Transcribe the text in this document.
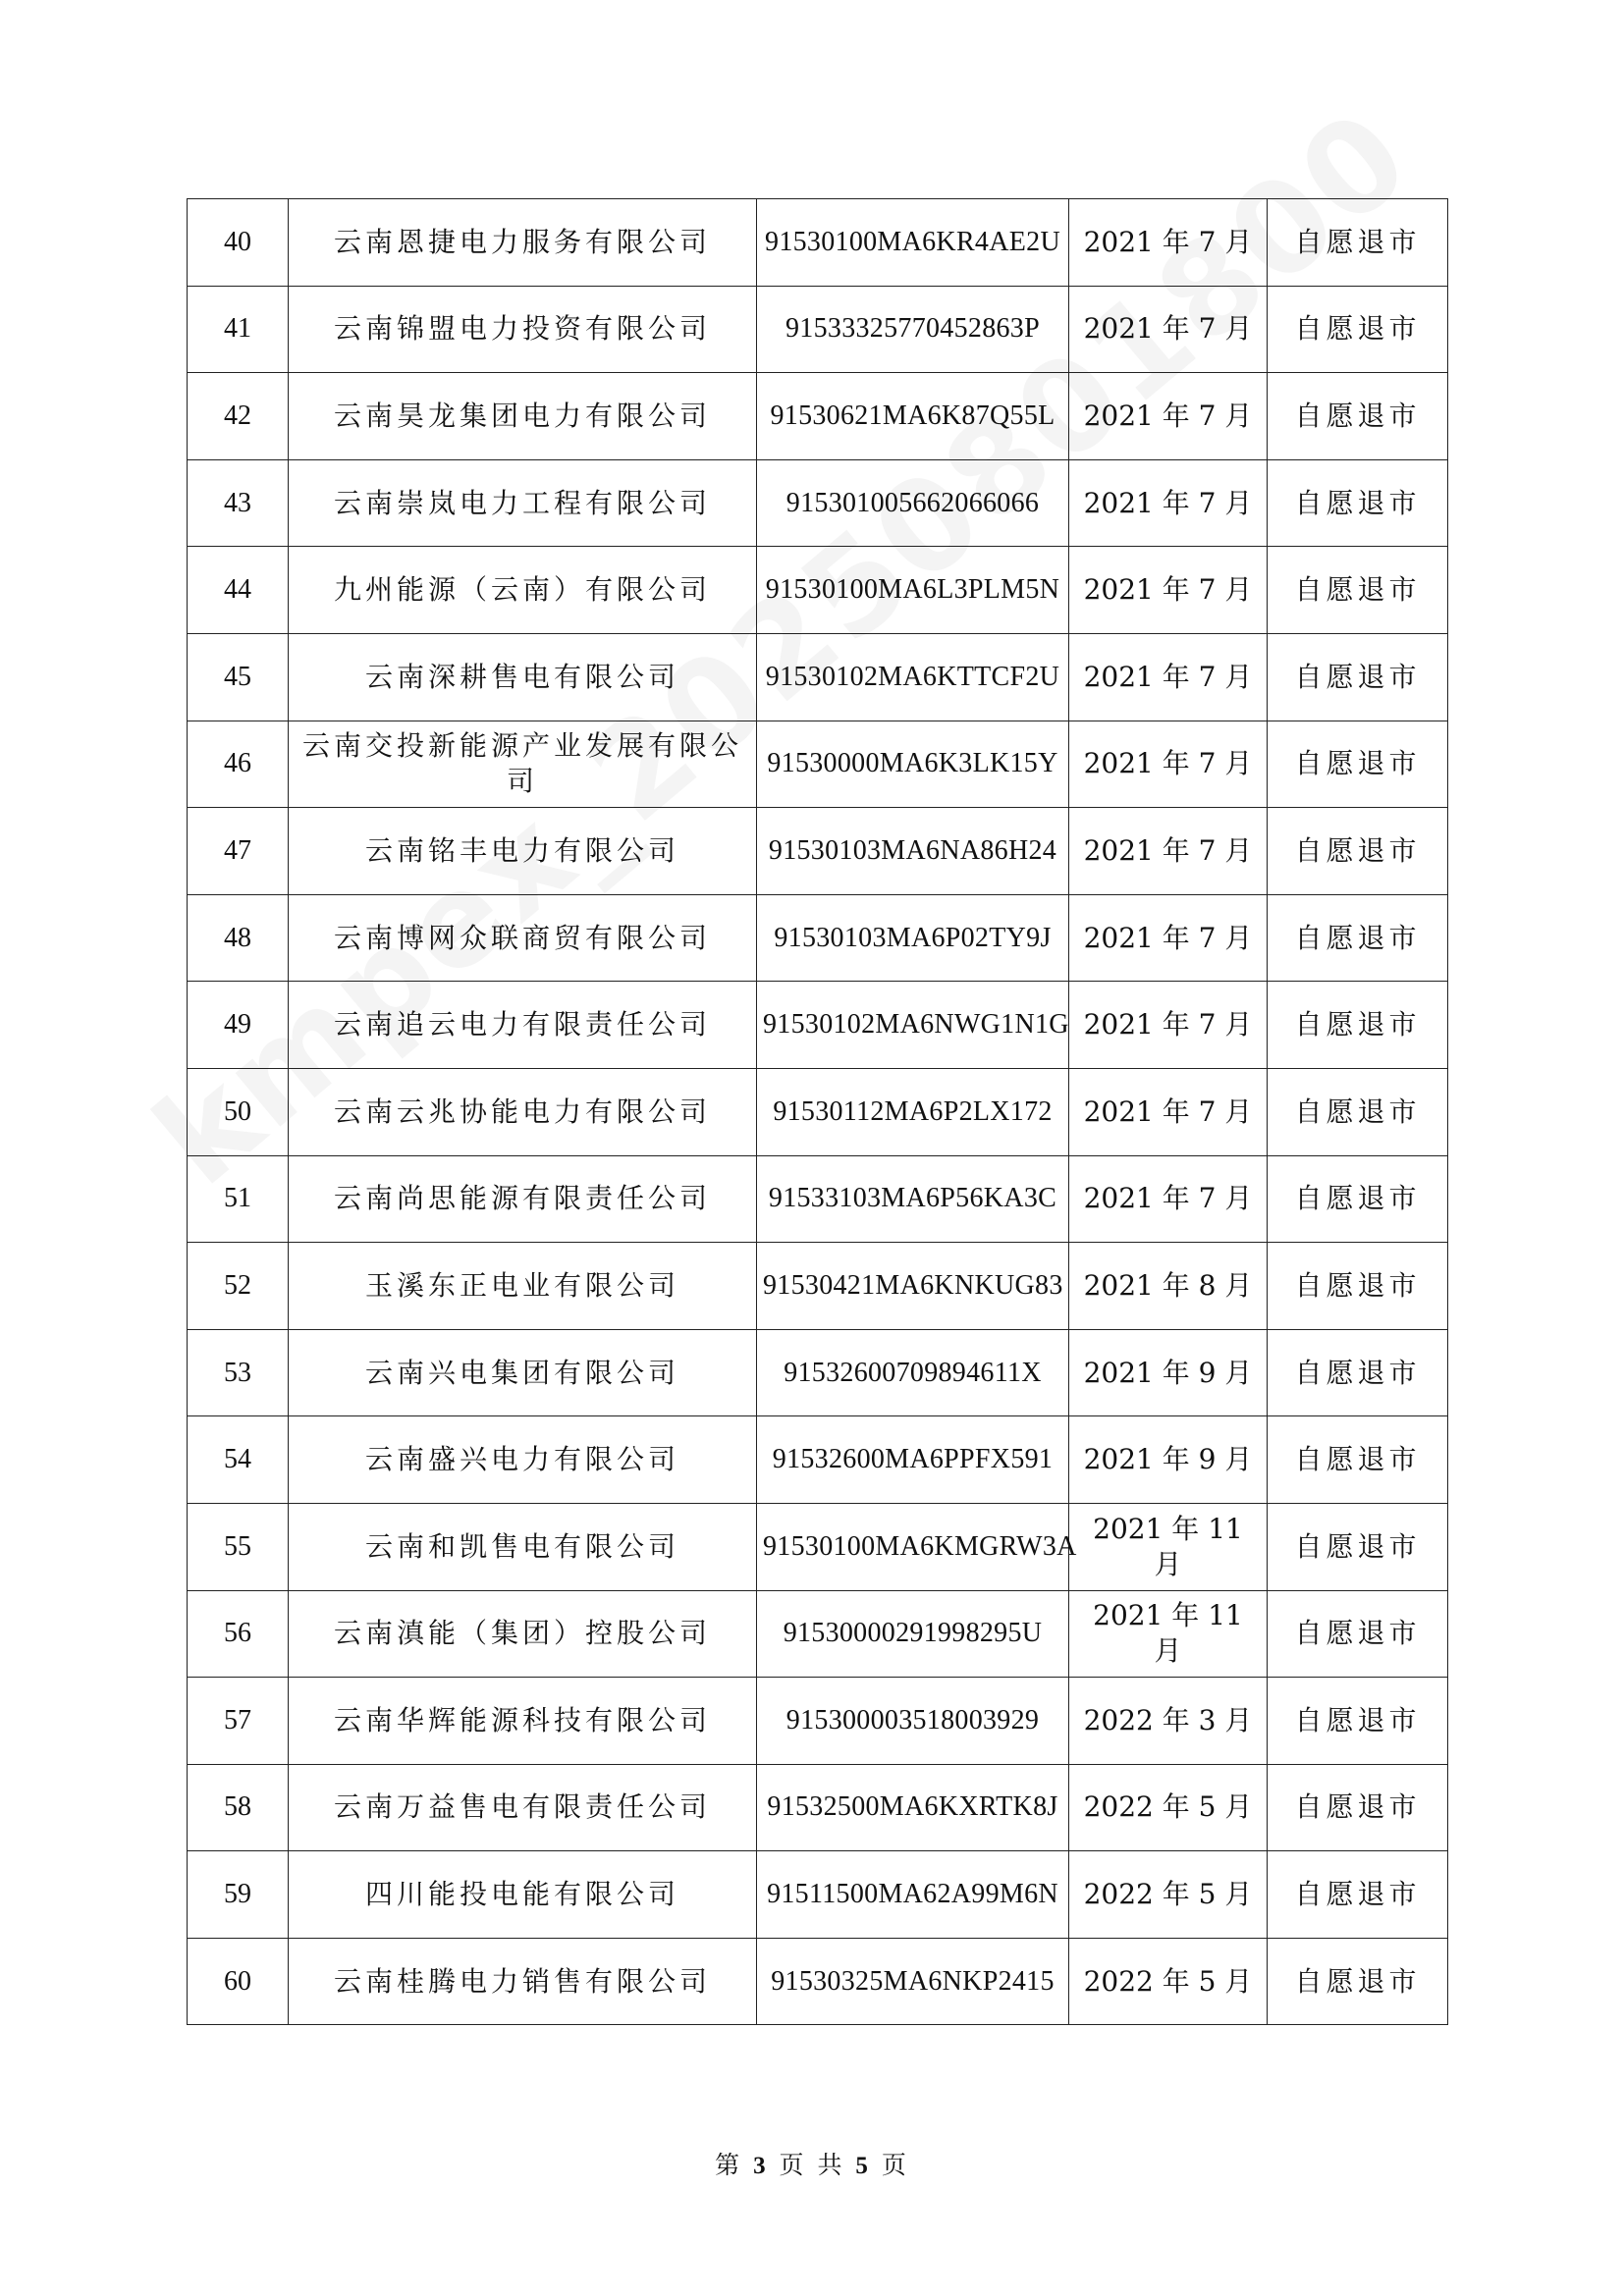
40	云南恩捷电力服务有限公司	91530100MA6KR4AE2U	2021 年 7 月	自愿退市
41	云南锦盟电力投资有限公司	91533325770452863P	2021 年 7 月	自愿退市
42	云南昊龙集团电力有限公司	91530621MA6K87Q55L	2021 年 7 月	自愿退市
43	云南崇岚电力工程有限公司	915301005662066066	2021 年 7 月	自愿退市
44	九州能源（云南）有限公司	91530100MA6L3PLM5N	2021 年 7 月	自愿退市
45	云南深耕售电有限公司	91530102MA6KTTCF2U	2021 年 7 月	自愿退市
46	云南交投新能源产业发展有限公司	91530000MA6K3LK15Y	2021 年 7 月	自愿退市
47	云南铭丰电力有限公司	91530103MA6NA86H24	2021 年 7 月	自愿退市
48	云南博网众联商贸有限公司	91530103MA6P02TY9J	2021 年 7 月	自愿退市
49	云南追云电力有限责任公司	91530102MA6NWG1N1G	2021 年 7 月	自愿退市
50	云南云兆协能电力有限公司	91530112MA6P2LX172	2021 年 7 月	自愿退市
51	云南尚思能源有限责任公司	91533103MA6P56KA3C	2021 年 7 月	自愿退市
52	玉溪东正电业有限公司	91530421MA6KNKUG83	2021 年 8 月	自愿退市
53	云南兴电集团有限公司	91532600709894611X	2021 年 9 月	自愿退市
54	云南盛兴电力有限公司	91532600MA6PPFX591	2021 年 9 月	自愿退市
55	云南和凯售电有限公司	91530100MA6KMGRW3A	2021 年 11 月	自愿退市
56	云南滇能（集团）控股公司	91530000291998295U	2021 年 11 月	自愿退市
57	云南华辉能源科技有限公司	915300003518003929	2022 年 3 月	自愿退市
58	云南万益售电有限责任公司	91532500MA6KXRTK8J	2022 年 5 月	自愿退市
59	四川能投电能有限公司	91511500MA62A99M6N	2022 年 5 月	自愿退市
60	云南桂腾电力销售有限公司	91530325MA6NKP2415	2022 年 5 月	自愿退市
第 3 页 共 5 页
